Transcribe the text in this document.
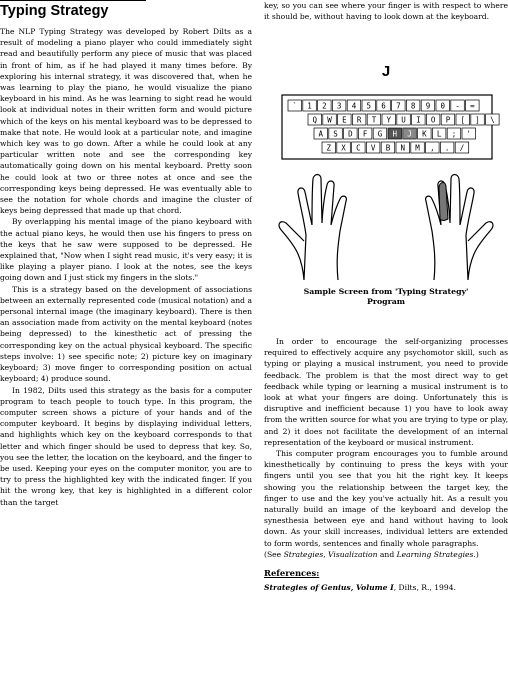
Typing Strategy

The NLP Typing Strategy was developed by Robert Dilts as a result of modeling a piano player who could immediately sight read and beautifully perform any piece of music that was placed in front of him, as if he had played it many times before. By exploring his internal strategy, it was discovered that, when he was learning to play the piano, he would visualize the piano keyboard in his mind. As he was learning to sight read he would look at individual notes in their written form and would picture which of the keys on his mental keyboard was to be depressed to make that note. He would look at a particular note, and imagine which key was to go down. After a while he could look at any particular written note and see the corresponding key automatically going down on his mental keyboard. Pretty soon he could look at two or three notes at once and see the corresponding keys being depressed. He was eventually able to see the notation for whole chords and imagine the cluster of keys being depressed that made up that chord.

By overlapping his mental image of the piano keyboard with the actual piano keys, he would then use his fingers to press on the keys that he saw were supposed to be depressed. He explained that, "Now when I sight read music, it's very easy; it is like playing a player piano. I look at the notes, see the keys going down and I just stick my fingers in the slots."

This is a strategy based on the development of associations between an externally represented code (musical notation) and a personal internal image (the imaginary keyboard). There is then an association made from activity on the mental keyboard (notes being depressed) to the kinesthetic act of pressing the corresponding key on the actual physical keyboard. The specific steps involve: 1) see specific note; 2) picture key on imaginary keyboard; 3) move finger to corresponding position on actual keyboard; 4) produce sound.

In 1982, Dilts used this strategy as the basis for a computer program to teach people to touch type. In this program, the computer screen shows a picture of your hands and of the computer keyboard. It begins by displaying individual letters, and highlights which key on the keyboard corresponds to that letter and which finger should be used to depress that key. So, you see the letter, the location on the keyboard, and the finger to be used. Keeping your eyes on the computer monitor, you are to try to press the highlighted key with the indicated finger. If you hit the wrong key, that key is highlighted in a different color than the target

key, so you can see where your finger is with respect to where it should be, without having to look down at the keyboard.

J
` 1 2 3 4 5 6 7 8 9 0 - =
Q W E R T Y U I O P [ ] \
A S D F G H J K L ; '
Z X C V B N M , . /
Sample Screen from 'Typing Strategy'
Program

In order to encourage the self-organizing processes required to effectively acquire any psychomotor skill, such as typing or playing a musical instrument, you need to provide feedback. The problem is that the most direct way to get feedback while typing or learning a musical instrument is to look at what your fingers are doing. Unfortunately this is disruptive and inefficient because 1) you have to look away from the written source for what you are trying to type or play, and 2) it does not facilitate the development of an internal representation of the keyboard or musical instrument.

This computer program encourages you to fumble around kinesthetically by continuing to press the keys with your fingers until you see that you hit the right key. It keeps showing you the relationship between the target key, the finger to use and the key you've actually hit. As a result you naturally build an image of the keyboard and develop the synesthesia between eye and hand without having to look down. As your skill increases, individual letters are extended to form words, sentences and finally whole paragraphs.

(See Strategies, Visualization and Learning Strategies.)

References:
Strategies of Genius, Volume I, Dilts, R., 1994.
